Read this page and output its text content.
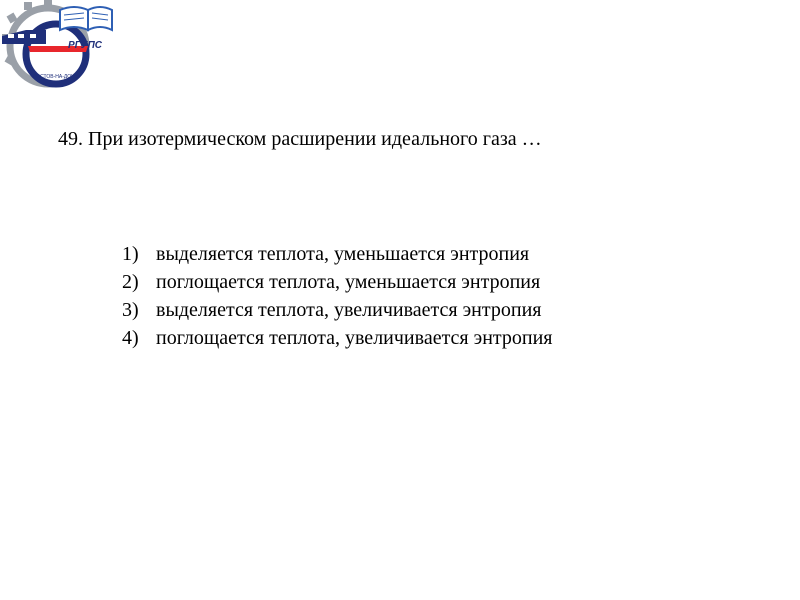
РГУПС
РОСТОВ-НА-ДОНУ
49. При изотермическом расширении идеального газа …
1) выделяется теплота, уменьшается энтропия
2) поглощается теплота, уменьшается энтропия
3) выделяется теплота, увеличивается энтропия
4) поглощается теплота, увеличивается энтропия
